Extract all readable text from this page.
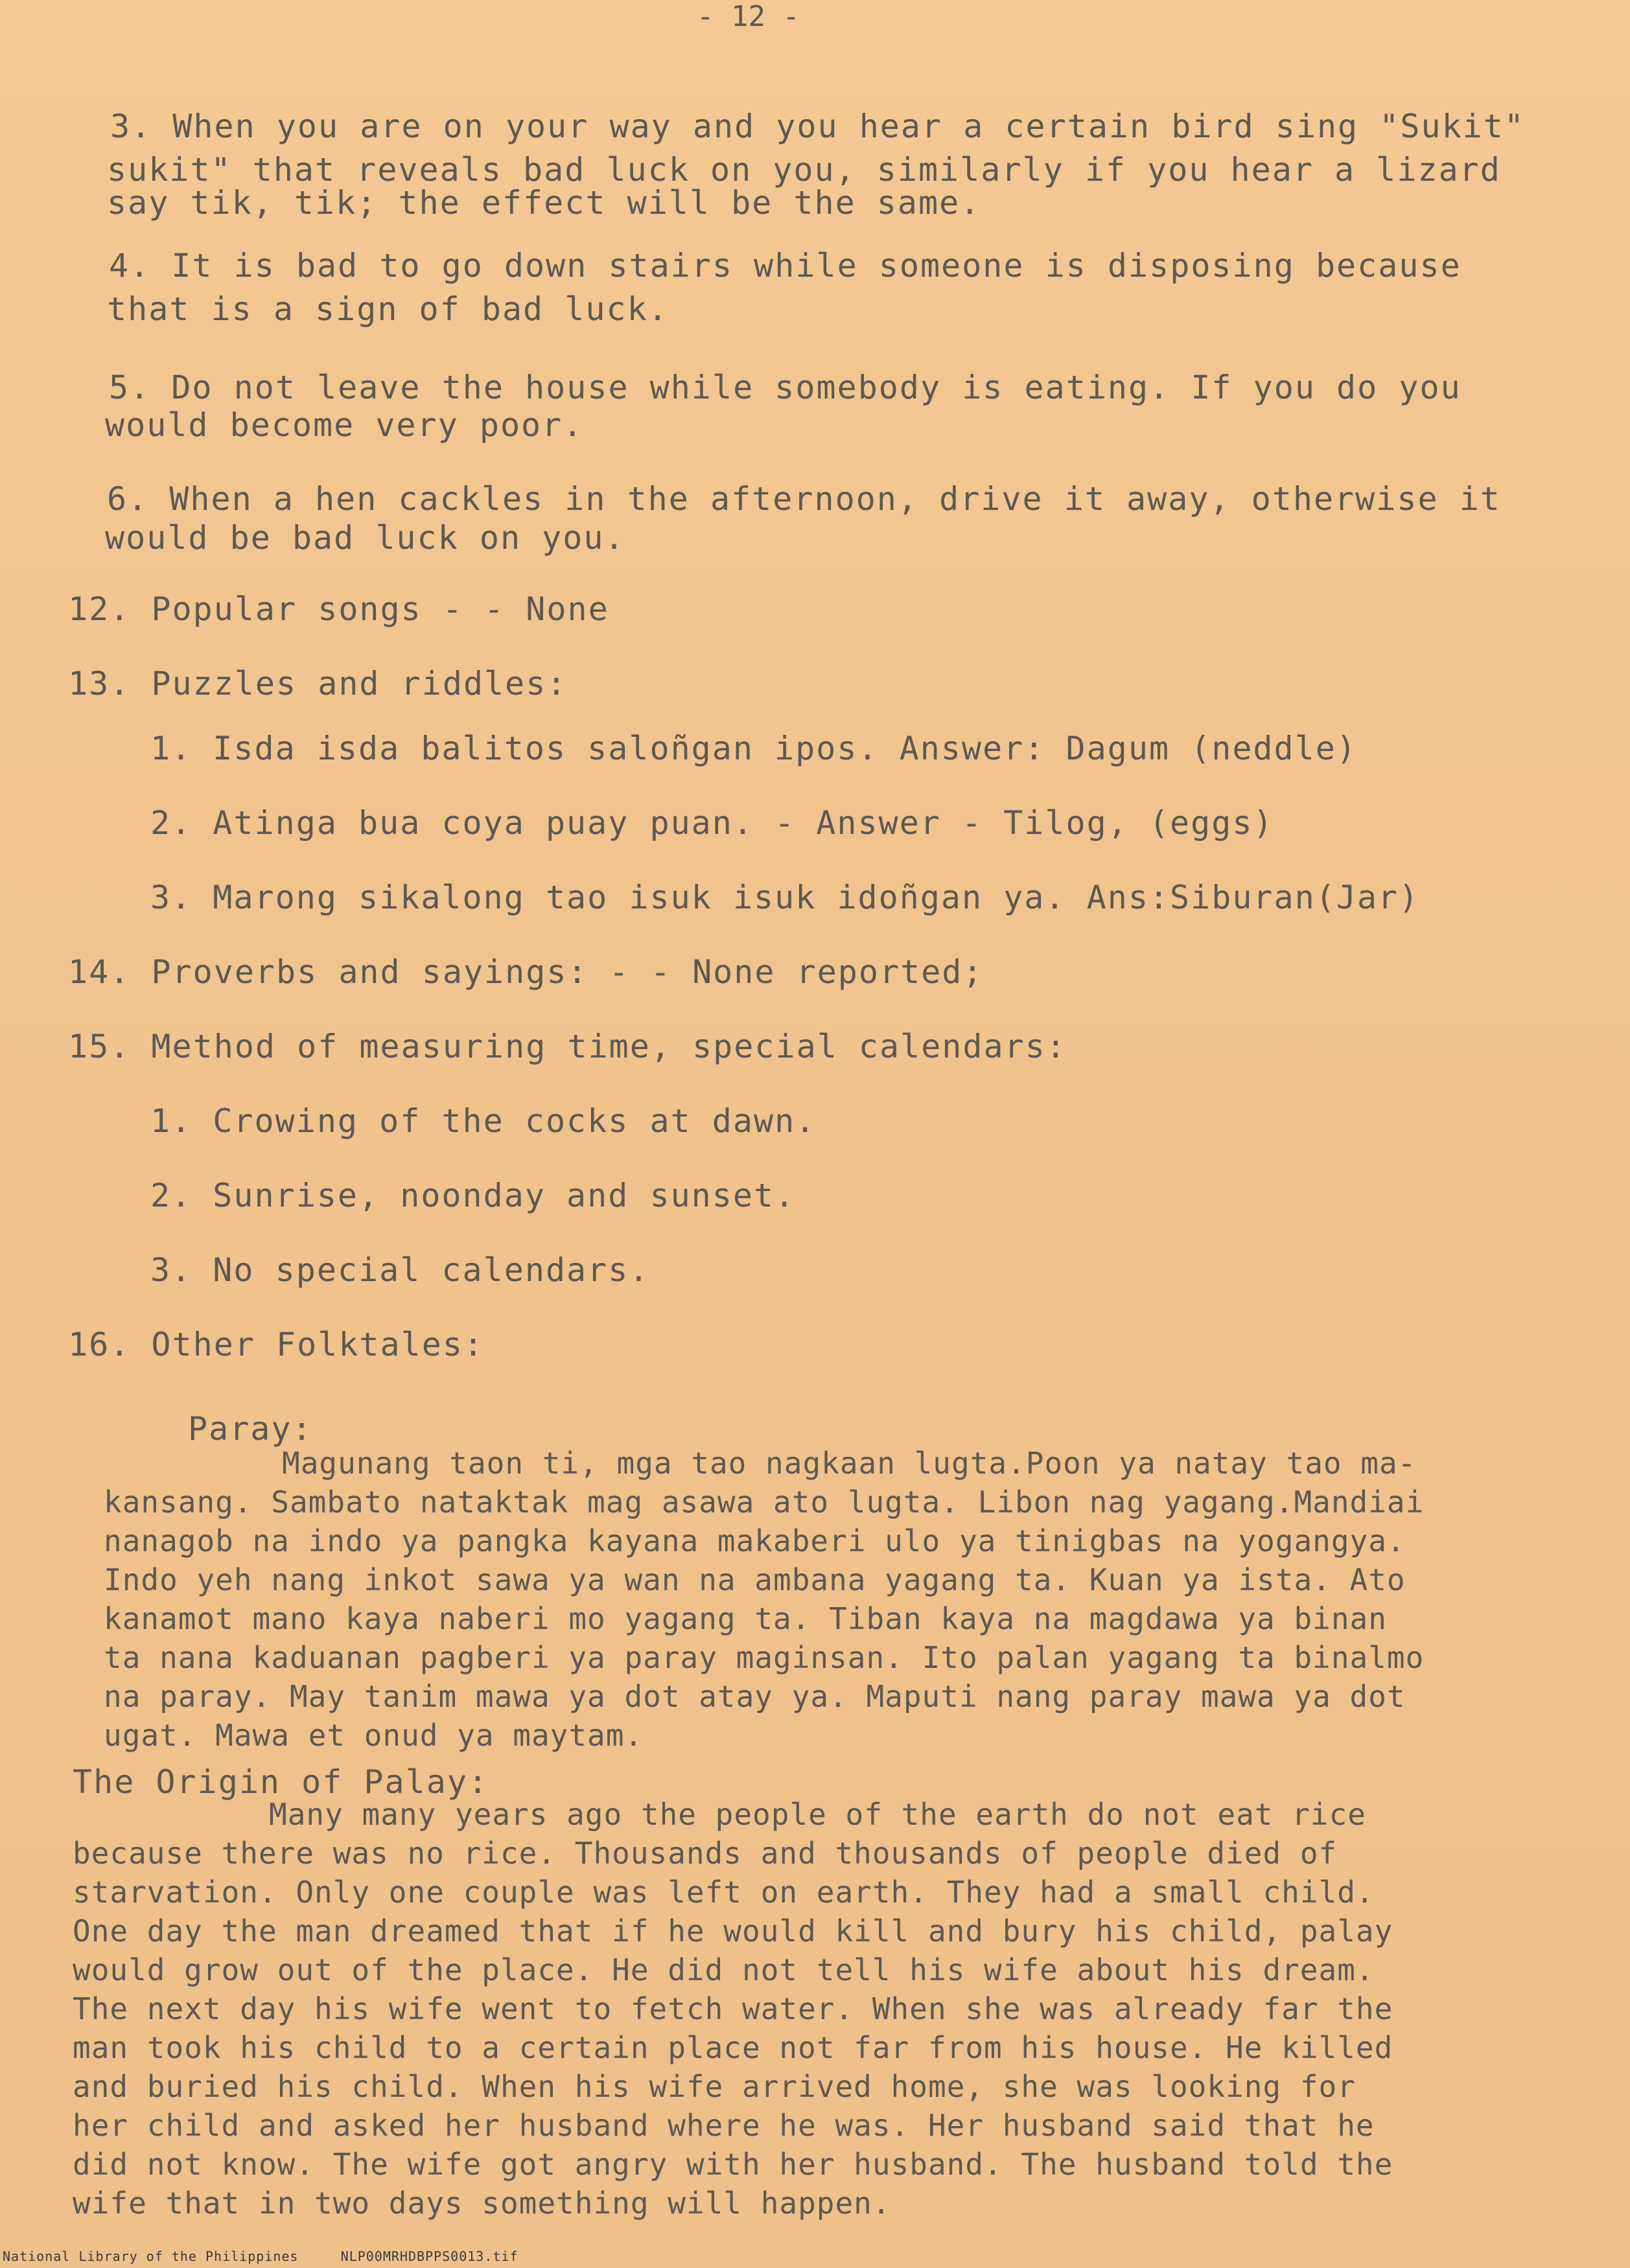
- 12 -
3. When you are on your way and you hear a certain bird sing "Sukit"
sukit" that reveals bad luck on you, similarly if you hear a lizard
say tik, tik; the effect will be the same.
4. It is bad to go down stairs while someone is disposing because
that is a sign of bad luck.
5. Do not leave the house while somebody is eating. If you do you
would become very poor.
6. When a hen cackles in the afternoon, drive it away, otherwise it
would be bad luck on you.
12. Popular songs - - None
13. Puzzles and riddles:
1. Isda isda balitos saloñgan ipos. Answer: Dagum (neddle)
2. Atinga bua coya puay puan. - Answer - Tilog, (eggs)
3. Marong sikalong tao isuk isuk idoñgan ya. Ans:Siburan(Jar)
14. Proverbs and sayings: - - None reported;
15. Method of measuring time, special calendars:
1. Crowing of the cocks at dawn.
2. Sunrise, noonday and sunset.
3. No special calendars.
16. Other Folktales:
Paray:
Magunang taon ti, mga tao nagkaan lugta.Poon ya natay tao ma-
kansang. Sambato nataktak mag asawa ato lugta. Libon nag yagang.Mandiai
nanagob na indo ya pangka kayana makaberi ulo ya tinigbas na yogangya.
Indo yeh nang inkot sawa ya wan na ambana yagang ta. Kuan ya ista. Ato
kanamot mano kaya naberi mo yagang ta. Tiban kaya na magdawa ya binan
ta nana kaduanan pagberi ya paray maginsan. Ito palan yagang ta binalmo
na paray. May tanim mawa ya dot atay ya. Maputi nang paray mawa ya dot
ugat. Mawa et onud ya maytam.
The Origin of Palay:
Many many years ago the people of the earth do not eat rice
because there was no rice. Thousands and thousands of people died of
starvation. Only one couple was left on earth. They had a small child.
One day the man dreamed that if he would kill and bury his child, palay
would grow out of the place. He did not tell his wife about his dream.
The next day his wife went to fetch water. When she was already far the
man took his child to a certain place not far from his house. He killed
and buried his child. When his wife arrived home, she was looking for
her child and asked her husband where he was. Her husband said that he
did not know. The wife got angry with her husband. The husband told the
wife that in two days something will happen.
National Library of the Philippines     NLP00MRHDBPPS0013.tif
